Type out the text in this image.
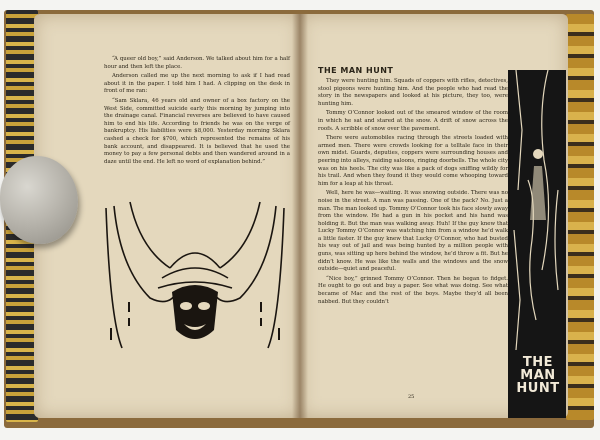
“A queer old boy,” said Anderson. We talked about him for a half hour and then left the place.

Anderson called me up the next morning to ask if I had read about it in the paper. I told him I had. A clipping on the desk in front of me ran:

“Sam Sklara, 46 years old and owner of a box factory on the West Side, committed suicide early this morning by jumping into the drainage canal. Financial reverses are believed to have caused him to end his life. According to friends he was on the verge of bankruptcy. His liabilities were $8,000. Yesterday morning Sklara cashed a check for $700, which represented the remains of his bank account, and disappeared. It is believed that he used the money to pay a few personal debts and then wandered around in a daze until the end. He left no word of explanation behind.”

THE MAN HUNT

They were hunting him. Squads of coppers with rifles, detectives, stool pigeons were hunting him. And the people who had read the story in the newspapers and looked at his picture, they too, were hunting him.

Tommy O’Connor looked out of the smeared window of the room in which he sat and stared at the snow. A drift of snow across the roofs. A scribble of snow over the pavement.

There were automobiles racing through the streets loaded with armed men. There were crowds looking for a telltale face in their own midst. Guards, deputies, coppers were surrounding houses and peering into alleys, raiding saloons, ringing doorbells. The whole city was on his heels. The city was like a pack of dogs sniffing wildly for his trail. And when they found it they would come whooping toward him for a leap at his throat.

Well, here he was—waiting. It was snowing outside. There was no noise in the street. A man was passing. One of the pack? No. Just a man. The man looked up. Tommy O’Connor took his face slowly away from the window. He had a gun in his pocket and his hand was holding it. But the man was walking away. Huh! If the guy knew that Lucky Tommy O’Connor was watching him from a window he’d walk a little faster. If the guy knew that Lucky O’Connor, who had busted his way out of jail and was being hunted by a million people with guns, was sitting up here behind the window, he’d throw a fit. But he didn’t know. He was like the walls and the windows and the snow outside—quiet and peaceful.

“Nice boy,” grinned Tommy O’Connor. Then he began to fidget. He ought to go out and buy a paper. See what was doing. See what became of Mac and the rest of the boys. Maybe they’d all been nabbed. But they couldn’t

25
THE
MAN
HUNT
